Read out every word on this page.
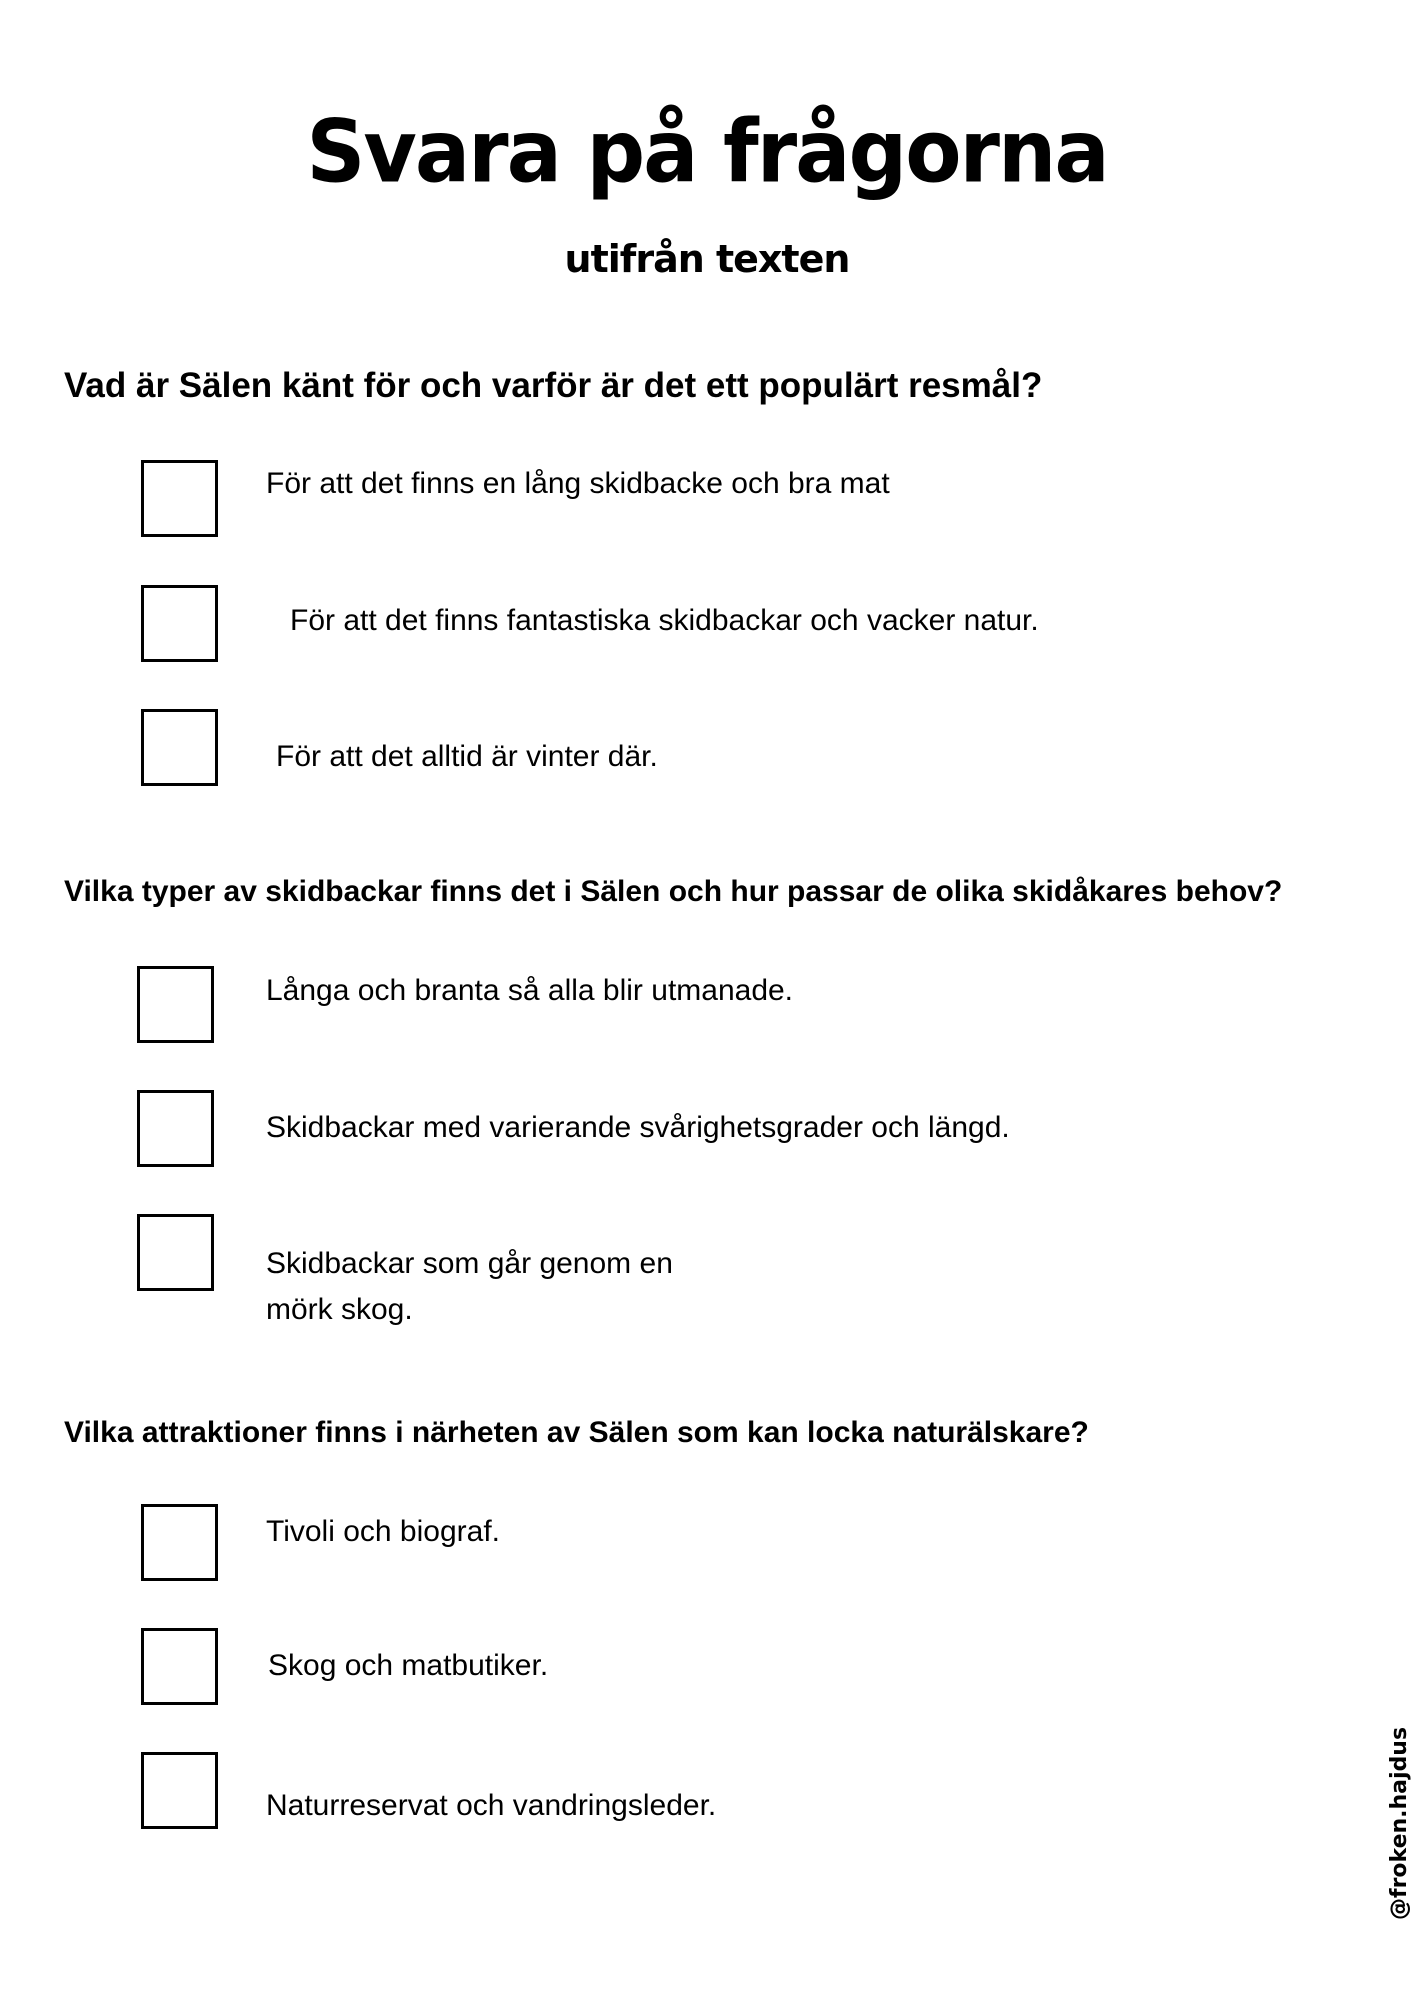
Svara på frågorna
utifrån texten
Vad är Sälen känt för och varför är det ett populärt resmål?
För att det finns en lång skidbacke och bra mat
För att det finns fantastiska skidbackar och vacker natur.
För att det alltid är vinter där.
Vilka typer av skidbackar finns det i Sälen och hur passar de olika skidåkares behov?
Långa och branta så alla blir utmanade.
Skidbackar med varierande svårighetsgrader och längd.
Skidbackar som går genom en
mörk skog.
Vilka attraktioner finns i närheten av Sälen som kan locka naturälskare?
Tivoli och biograf.
Skog och matbutiker.
Naturreservat och vandringsleder.	@froken.hajdus
